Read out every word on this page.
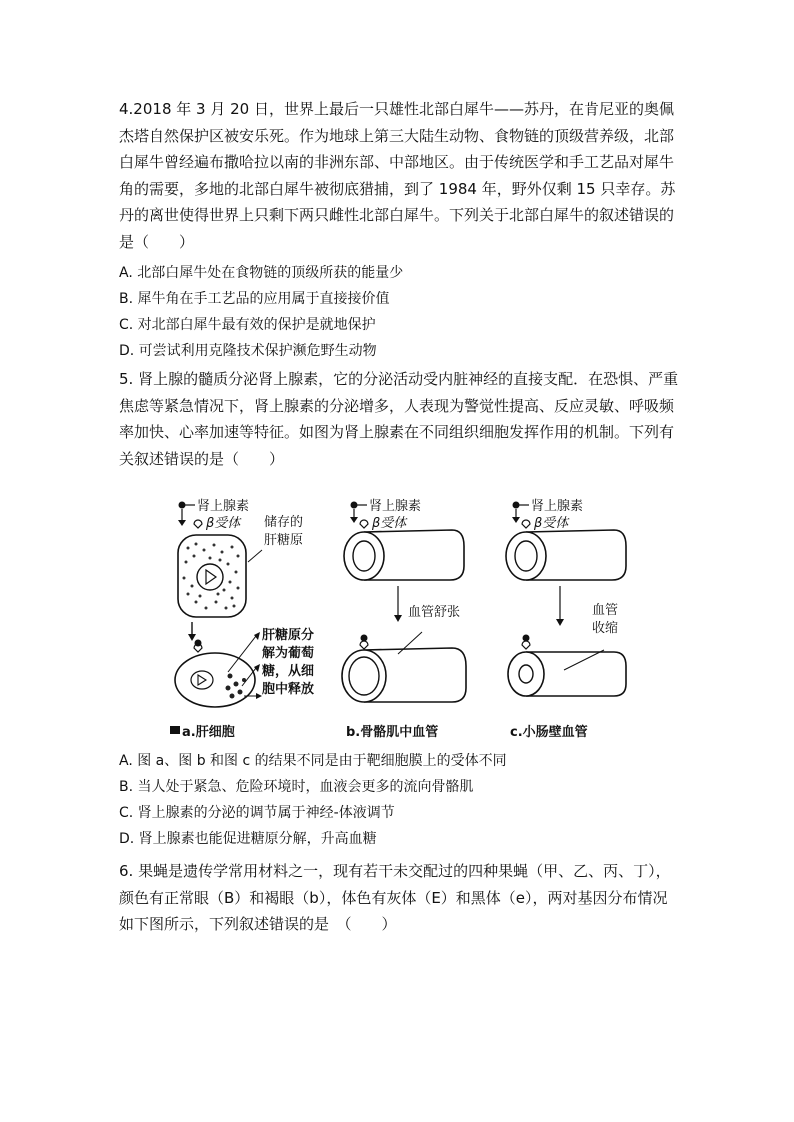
4.2018 年 3 月 20 日，世界上最后一只雄性北部白犀牛——苏丹，在肯尼亚的奥佩杰塔自然保护区被安乐死。作为地球上第三大陆生动物、食物链的顶级营养级，北部白犀牛曾经遍布撒哈拉以南的非洲东部、中部地区。由于传统医学和手工艺品对犀牛角的需要，多地的北部白犀牛被彻底猎捕，到了 1984 年，野外仅剩 15 只幸存。苏丹的离世使得世界上只剩下两只雌性北部白犀牛。下列关于北部白犀牛的叙述错误的是（　　）

A. 北部白犀牛处在食物链的顶级所获的能量少

B. 犀牛角在手工艺品的应用属于直接接价值

C. 对北部白犀牛最有效的保护是就地保护

D. 可尝试利用克隆技术保护濒危野生动物

5. 肾上腺的髓质分泌肾上腺素，它的分泌活动受内脏神经的直接支配．在恐惧、严重焦虑等紧急情况下，肾上腺素的分泌增多，人表现为警觉性提高、反应灵敏、呼吸频率加快、心率加速等特征。如图为肾上腺素在不同组织细胞发挥作用的机制。下列有关叙述错误的是（　　）

肾上腺素
β受体 储存的
肝糖原
肝糖原分
解为葡萄
糖，从细
胞中释放
a.肝细胞
肾上腺素
β受体
血管舒张
b.骨骼肌中血管
肾上腺素
β受体
血管
收缩
c.小肠壁血管

A. 图 a、图 b 和图 c 的结果不同是由于靶细胞膜上的受体不同

B. 当人处于紧急、危险环境时，血液会更多的流向骨骼肌

C. 肾上腺素的分泌的调节属于神经-体液调节

D. 肾上腺素也能促进糖原分解，升高血糖

6. 果蝇是遗传学常用材料之一，现有若干未交配过的四种果蝇（甲、乙、丙、丁），颜色有正常眼（B）和褐眼（b），体色有灰体（E）和黑体（e），两对基因分布情况如下图所示，下列叙述错误的是　（　　）
